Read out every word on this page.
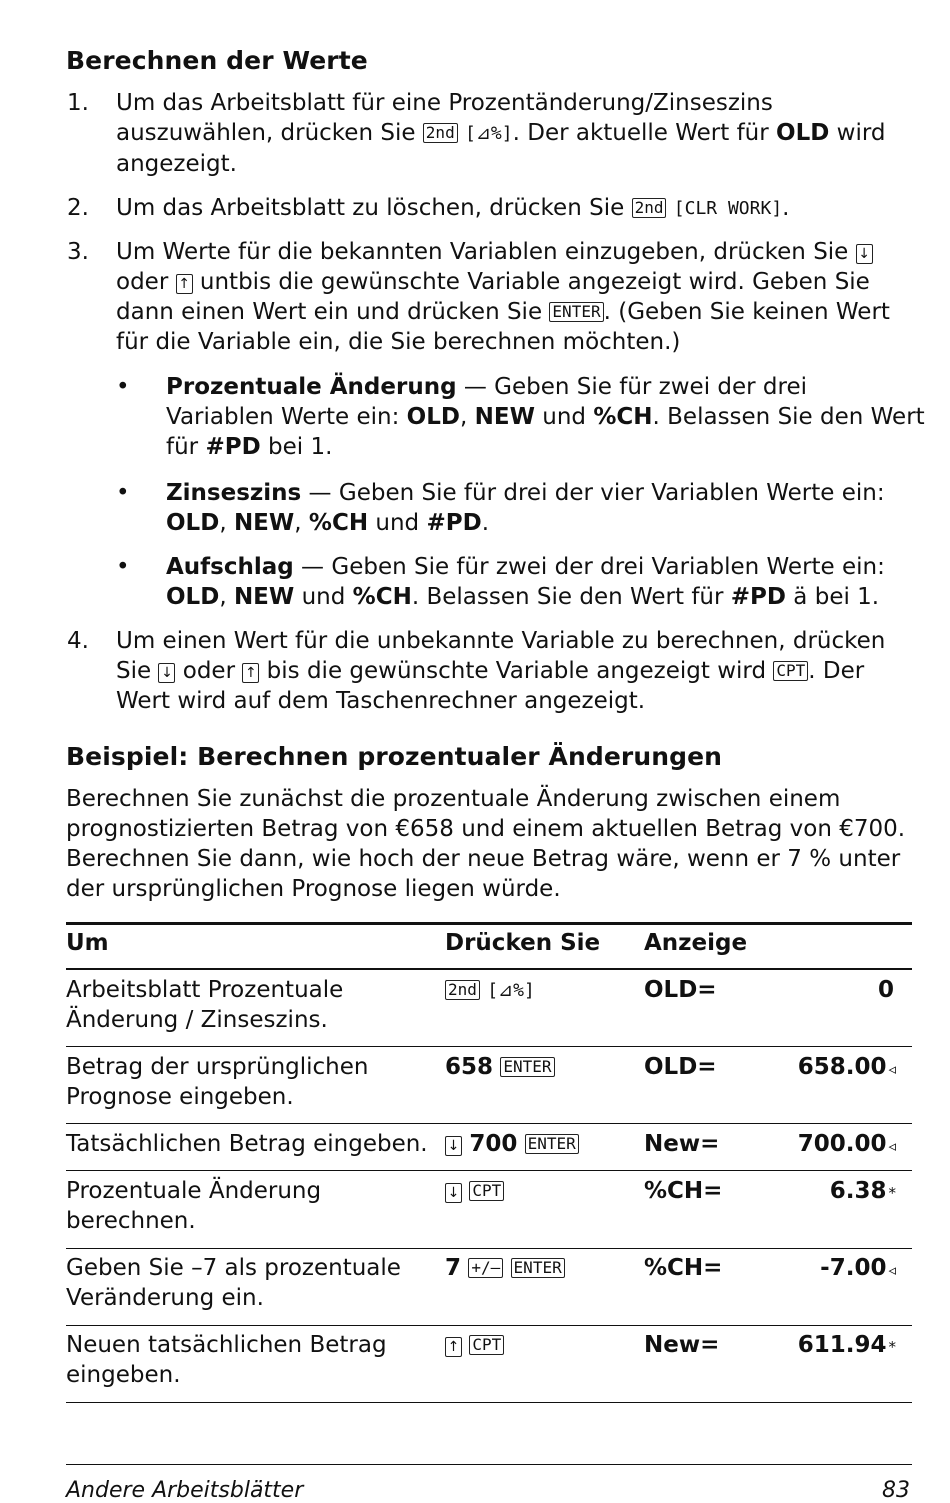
Berechnen der Werte
1. Um das Arbeitsblatt für eine Prozentänderung/Zinseszins
auszuwählen, drücken Sie 2nd [⊿%]. Der aktuelle Wert für OLD wird
angezeigt.
2. Um das Arbeitsblatt zu löschen, drücken Sie 2nd [CLR WORK].
3. Um Werte für die bekannten Variablen einzugeben, drücken Sie ↓
oder ↑ untbis die gewünschte Variable angezeigt wird. Geben Sie
dann einen Wert ein und drücken Sie ENTER . (Geben Sie keinen Wert
für die Variable ein, die Sie berechnen möchten.)
• Prozentuale Änderung — Geben Sie für zwei der drei
Variablen Werte ein: OLD, NEW und %CH. Belassen Sie den Wert
für #PD bei 1.
• Zinseszins — Geben Sie für drei der vier Variablen Werte ein:
OLD, NEW, %CH und #PD.
• Aufschlag — Geben Sie für zwei der drei Variablen Werte ein:
OLD, NEW und %CH. Belassen Sie den Wert für #PD ä bei 1.
4. Um einen Wert für die unbekannte Variable zu berechnen, drücken
Sie ↓ oder ↑ bis die gewünschte Variable angezeigt wird CPT . Der
Wert wird auf dem Taschenrechner angezeigt.
Beispiel: Berechnen prozentualer Änderungen
Berechnen Sie zunächst die prozentuale Änderung zwischen einem
prognostizierten Betrag von €658 und einem aktuellen Betrag von €700.
Berechnen Sie dann, wie hoch der neue Betrag wäre, wenn er 7 % unter
der ursprünglichen Prognose liegen würde.
Um	Drücken Sie Anzeige
Arbeitsblatt Prozentuale
Änderung / Zinseszins.
2nd [⊿%]	OLD=	0
Betrag der ursprünglichen
Prognose eingeben.
658 ENTER	OLD=	658.00 ◃
Tatsächlichen Betrag eingeben. ↓ 700 ENTER	New=	700.00 ◃
Prozentuale Änderung
berechnen.
↓ CPT	%CH=	6.38 *
Geben Sie –7 als prozentuale
Veränderung ein.
7 +/– ENTER	%CH=	-7.00 ◃
Neuen tatsächlichen Betrag
eingeben.
↑ CPT	New=	611.94 *
Andere Arbeitsblätter	83
